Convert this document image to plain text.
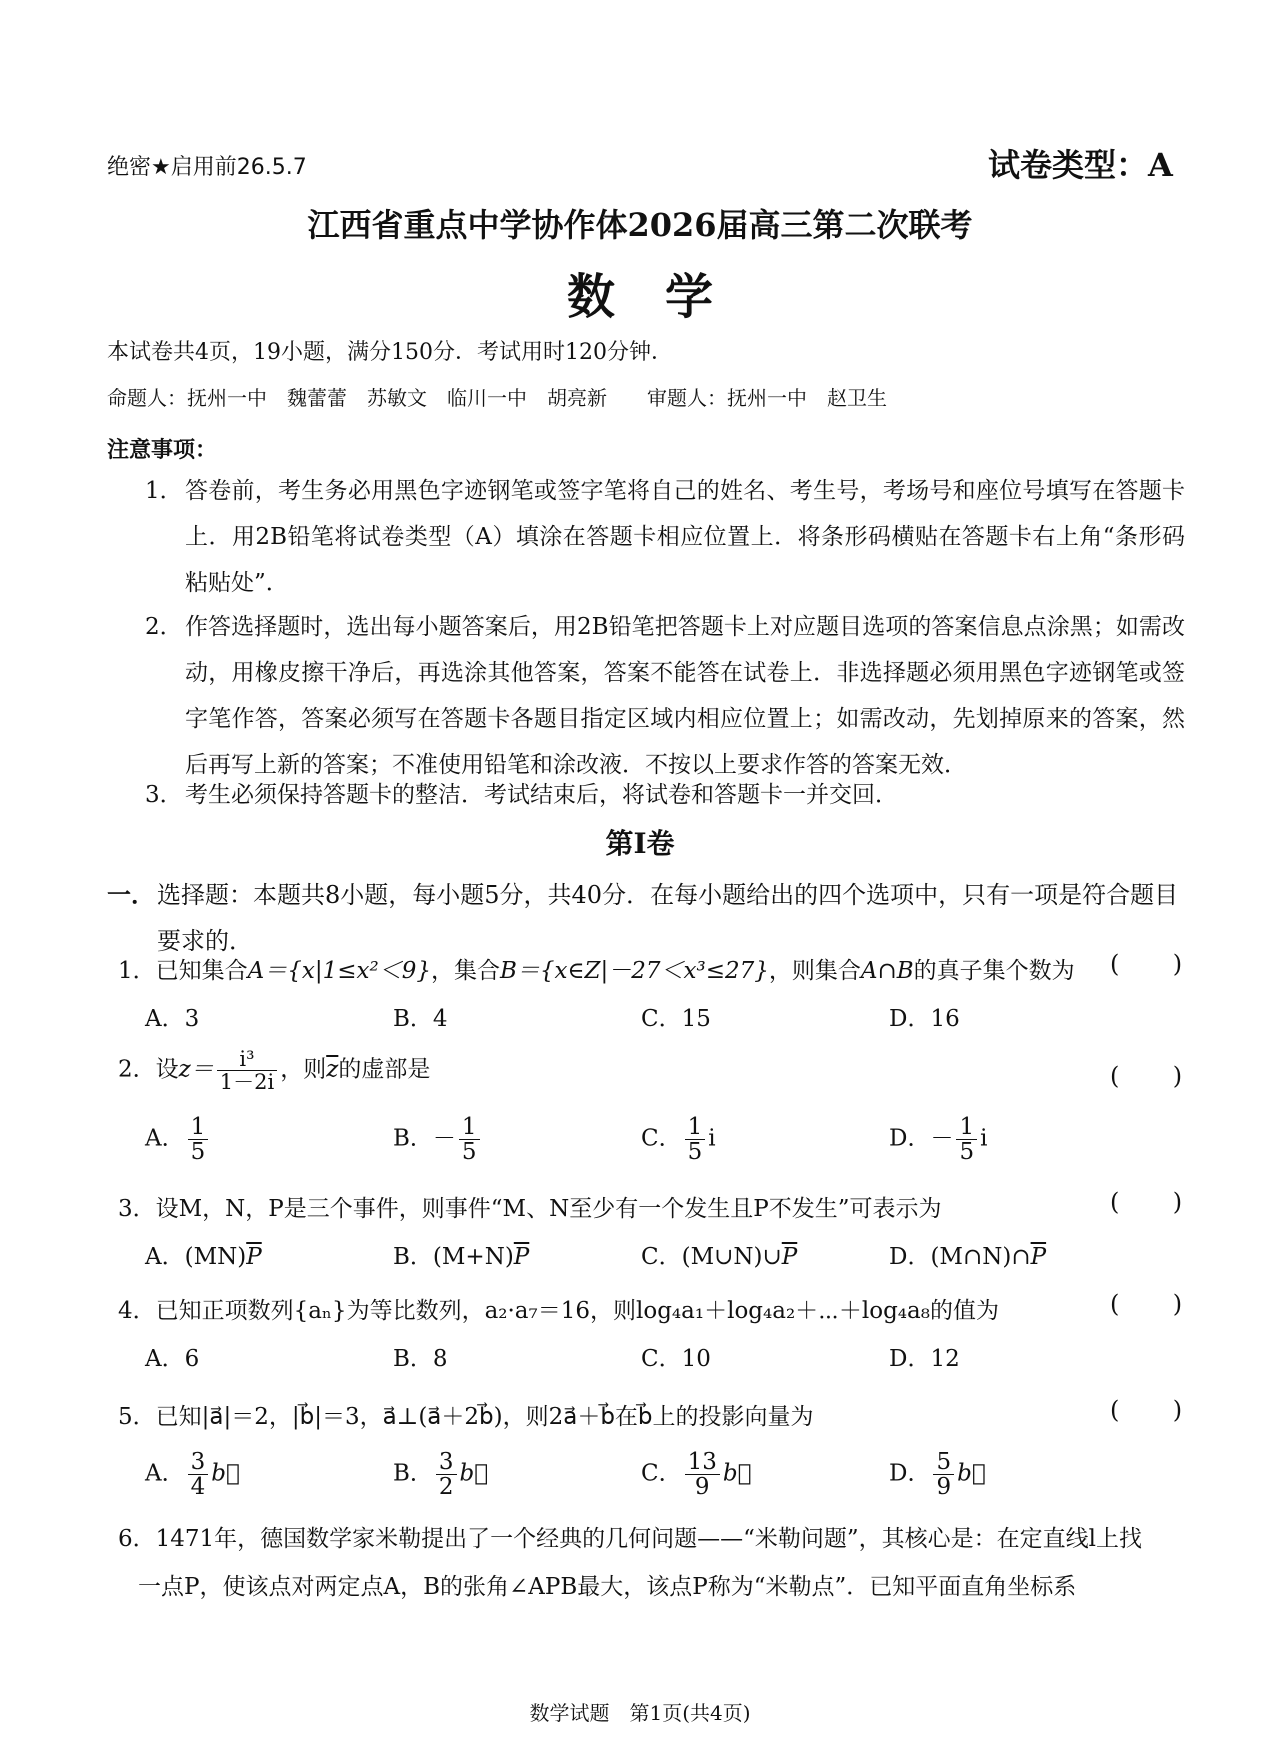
绝密★启用前26.5.7	试卷类型：A
江西省重点中学协作体2026届高三第二次联考
数学
本试卷共4页，19小题，满分150分．考试用时120分钟．
命题人：抚州一中　魏蕾蕾　苏敏文　临川一中　胡亮新　　审题人：抚州一中　赵卫生
注意事项：
1． 答卷前，考生务必用黑色字迹钢笔或签字笔将自己的姓名、考生号，考场号和座位号填写在答题卡上．用2B铅笔将试卷类型（A）填涂在答题卡相应位置上．将条形码横贴在答题卡右上角“条形码粘贴处”．
2． 作答选择题时，选出每小题答案后，用2B铅笔把答题卡上对应题目选项的答案信息点涂黑；如需改动，用橡皮擦干净后，再选涂其他答案，答案不能答在试卷上．非选择题必须用黑色字迹钢笔或签字笔作答，答案必须写在答题卡各题目指定区域内相应位置上；如需改动，先划掉原来的答案，然后再写上新的答案；不准使用铅笔和涂改液．不按以上要求作答的答案无效．
3． 考生必须保持答题卡的整洁．考试结束后，将试卷和答题卡一并交回．
第Ⅰ卷
一． 选择题：本题共8小题，每小题5分，共40分．在每小题给出的四个选项中，只有一项是符合题目
要求的．
1．已知集合A＝{x|1≤x²＜9}，集合B＝{x∈Z|－27＜x³≤27}，则集合A∩B的真子集个数为 (       )
A．3	B．4	C．15	D．16
2．设$z= \frac{\text{i³}}{1-2i}$ ，则$\overline{z}$的虚部是	(       )
A． $\frac{1}{5}$	B．－ $\frac{1}{5}$	C． $\frac{1}{5}$ i	D．－ $\frac{1}{5}$ i
3．设M，N，P是三个事件，则事件“M、N至少有一个发生且P不发生”可表示为	(       )
A．$(MN)\overline{P}$	B．$(M+N)\overline{P}$	C．$(M\cup N)\cup\overline{P}$	D．$(M\cap N)\cap\overline{P}$
4．已知正项数列{aₙ}为等比数列，a₂·a₇＝16，则log₄a₁＋log₄a₂＋⋯＋log₄a₈的值为	(       )
A．6	B．8	C．10	D．12
5．已知|a⃗|＝2，|b⃗|＝3，a⃗⊥(a⃗＋2b⃗)，则2a⃗＋b⃗在b⃗上的投影向量为	(       )
A． $\frac{3}{4}$ b⃗	B． $\frac{3}{2}$ b⃗	C． $\frac{13}{9}$ b⃗	D． $\frac{5}{9}$ b⃗
6．1471年，德国数学家米勒提出了一个经典的几何问题——“米勒问题”，其核心是：在定直线l上找
一点P，使该点对两定点A，B的张角∠APB最大，该点P称为“米勒点”．已知平面直角坐标系
数学试题　第1页(共4页)
